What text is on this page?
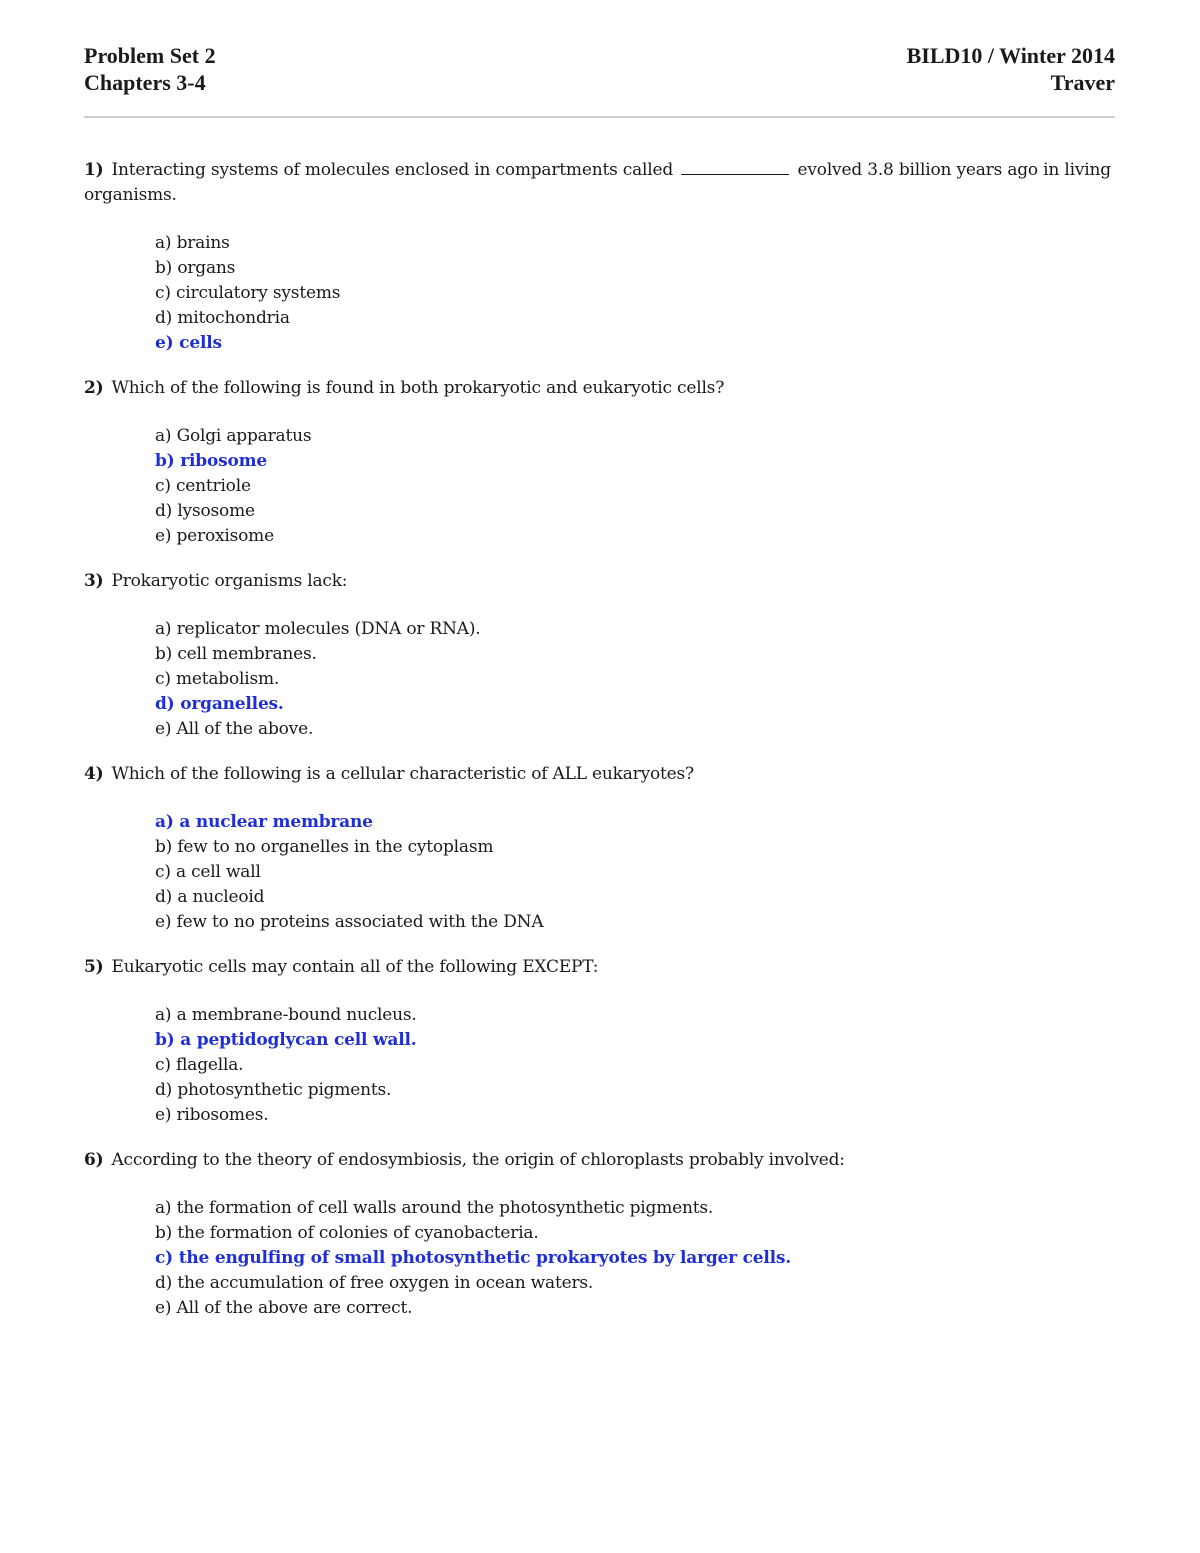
Problem Set 2
Chapters 3-4
BILD10 / Winter 2014
Traver
1) Interacting systems of molecules enclosed in compartments called	evolved 3.8 billion years ago in living organisms.
a) brains
b) organs
c) circulatory systems
d) mitochondria
e) cells
2) Which of the following is found in both prokaryotic and eukaryotic cells?
a) Golgi apparatus
b) ribosome
c) centriole
d) lysosome
e) peroxisome
3) Prokaryotic organisms lack:
a) replicator molecules (DNA or RNA).
b) cell membranes.
c) metabolism.
d) organelles.
e) All of the above.
4) Which of the following is a cellular characteristic of ALL eukaryotes?
a) a nuclear membrane
b) few to no organelles in the cytoplasm
c) a cell wall
d) a nucleoid
e) few to no proteins associated with the DNA
5) Eukaryotic cells may contain all of the following EXCEPT:
a) a membrane-bound nucleus.
b) a peptidoglycan cell wall.
c) flagella.
d) photosynthetic pigments.
e) ribosomes.
6) According to the theory of endosymbiosis, the origin of chloroplasts probably involved:
a) the formation of cell walls around the photosynthetic pigments.
b) the formation of colonies of cyanobacteria.
c) the engulfing of small photosynthetic prokaryotes by larger cells.
d) the accumulation of free oxygen in ocean waters.
e) All of the above are correct.
